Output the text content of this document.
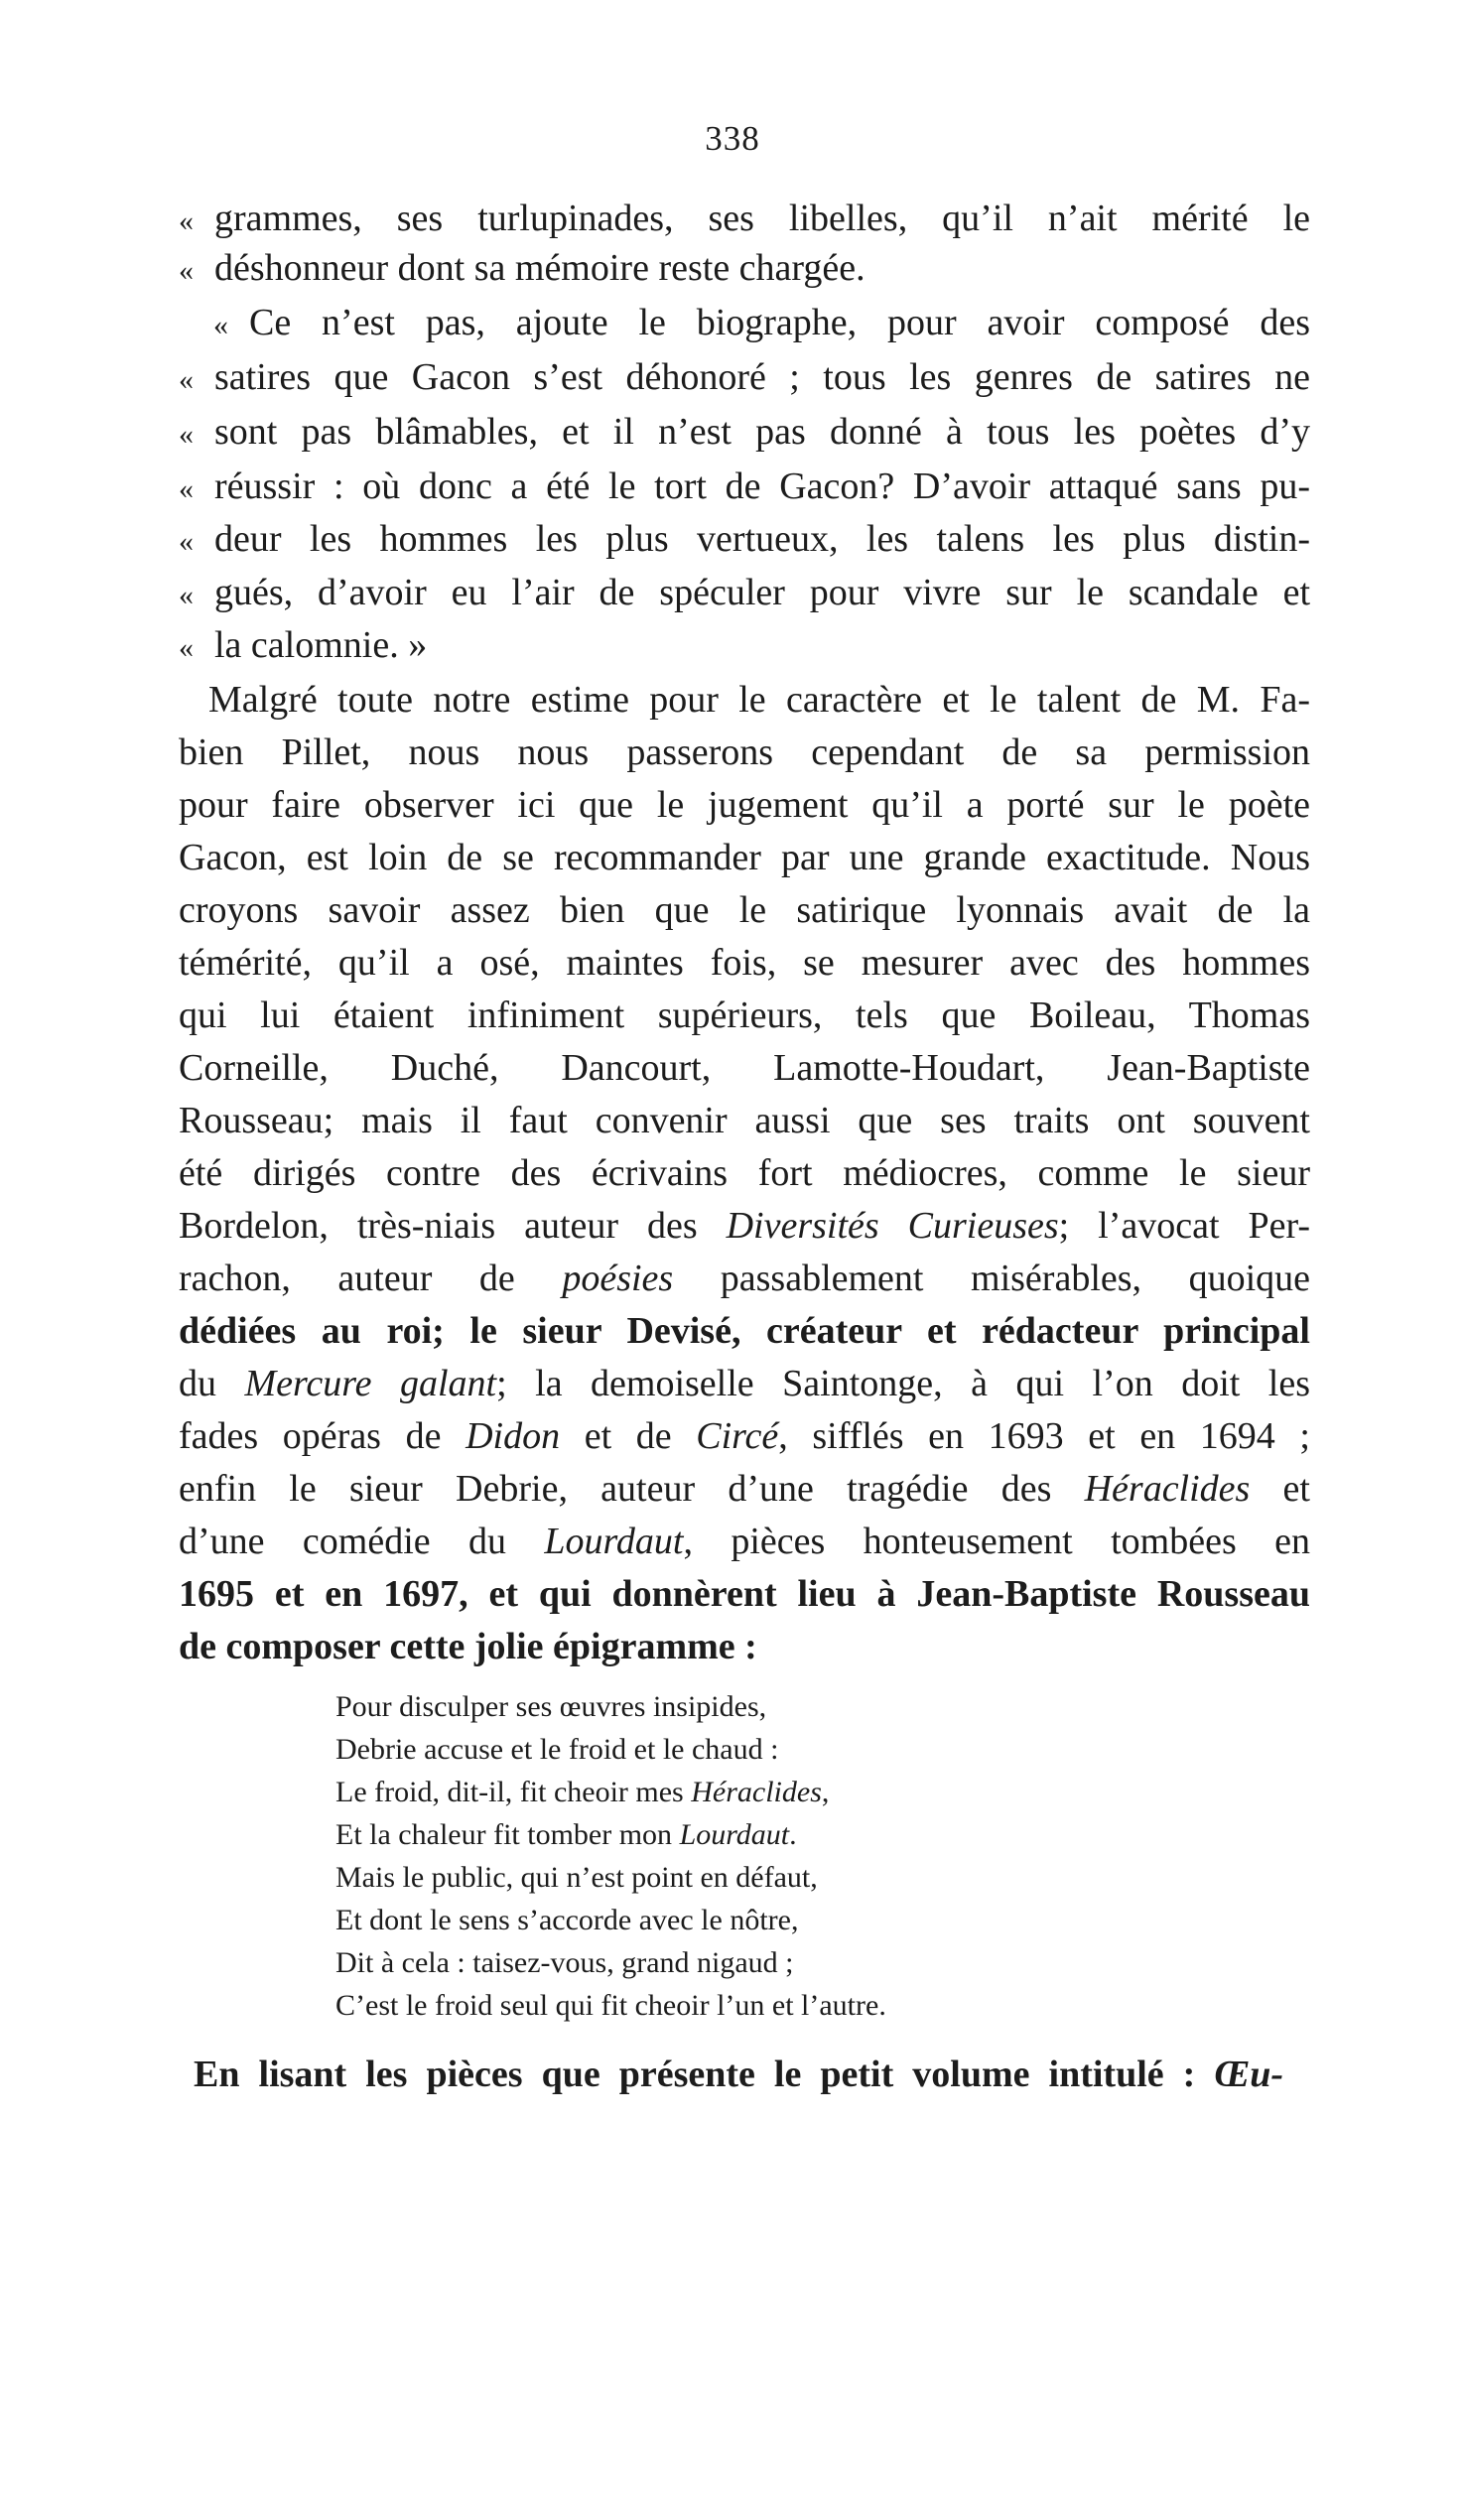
338
« grammes, ses turlupinades, ses libelles, qu’il n’ait mérité le
« déshonneur dont sa mémoire reste chargée.
« Ce n’est pas, ajoute le biographe, pour avoir composé des
« satires que Gacon s’est déhonoré ; tous les genres de satires ne
« sont pas blâmables, et il n’est pas donné à tous les poètes d’y
« réussir : où donc a été le tort de Gacon? D’avoir attaqué sans pu-
« deur les hommes les plus vertueux, les talens les plus distin-
« gués, d’avoir eu l’air de spéculer pour vivre sur le scandale et
« la calomnie. »
Malgré toute notre estime pour le caractère et le talent de M. Fa-
bien Pillet, nous nous passerons cependant de sa permission
pour faire observer ici que le jugement qu’il a porté sur le poète
Gacon, est loin de se recommander par une grande exactitude. Nous
croyons savoir assez bien que le satirique lyonnais avait de la
témérité, qu’il a osé, maintes fois, se mesurer avec des hommes
qui lui étaient infiniment supérieurs, tels que Boileau, Thomas
Corneille, Duché, Dancourt, Lamotte-Houdart, Jean-Baptiste
Rousseau; mais il faut convenir aussi que ses traits ont souvent
été dirigés contre des écrivains fort médiocres, comme le sieur
Bordelon, très-niais auteur des Diversités Curieuses; l’avocat Per-
rachon, auteur de poésies passablement misérables, quoique
dédiées au roi; le sieur Devisé, créateur et rédacteur principal
du Mercure galant; la demoiselle Saintonge, à qui l’on doit les
fades opéras de Didon et de Circé, sifflés en 1693 et en 1694 ;
enfin le sieur Debrie, auteur d’une tragédie des Héraclides et
d’une comédie du Lourdaut, pièces honteusement tombées en
1695 et en 1697, et qui donnèrent lieu à Jean-Baptiste Rousseau
de composer cette jolie épigramme :
Pour disculper ses œuvres insipides,
Debrie accuse et le froid et le chaud :
Le froid, dit-il, fit cheoir mes Héraclides,
Et la chaleur fit tomber mon Lourdaut.
Mais le public, qui n’est point en défaut,
Et dont le sens s’accorde avec le nôtre,
Dit à cela : taisez-vous, grand nigaud ;
C’est le froid seul qui fit cheoir l’un et l’autre.
En lisant les pièces que présente le petit volume intitulé : Œu-
